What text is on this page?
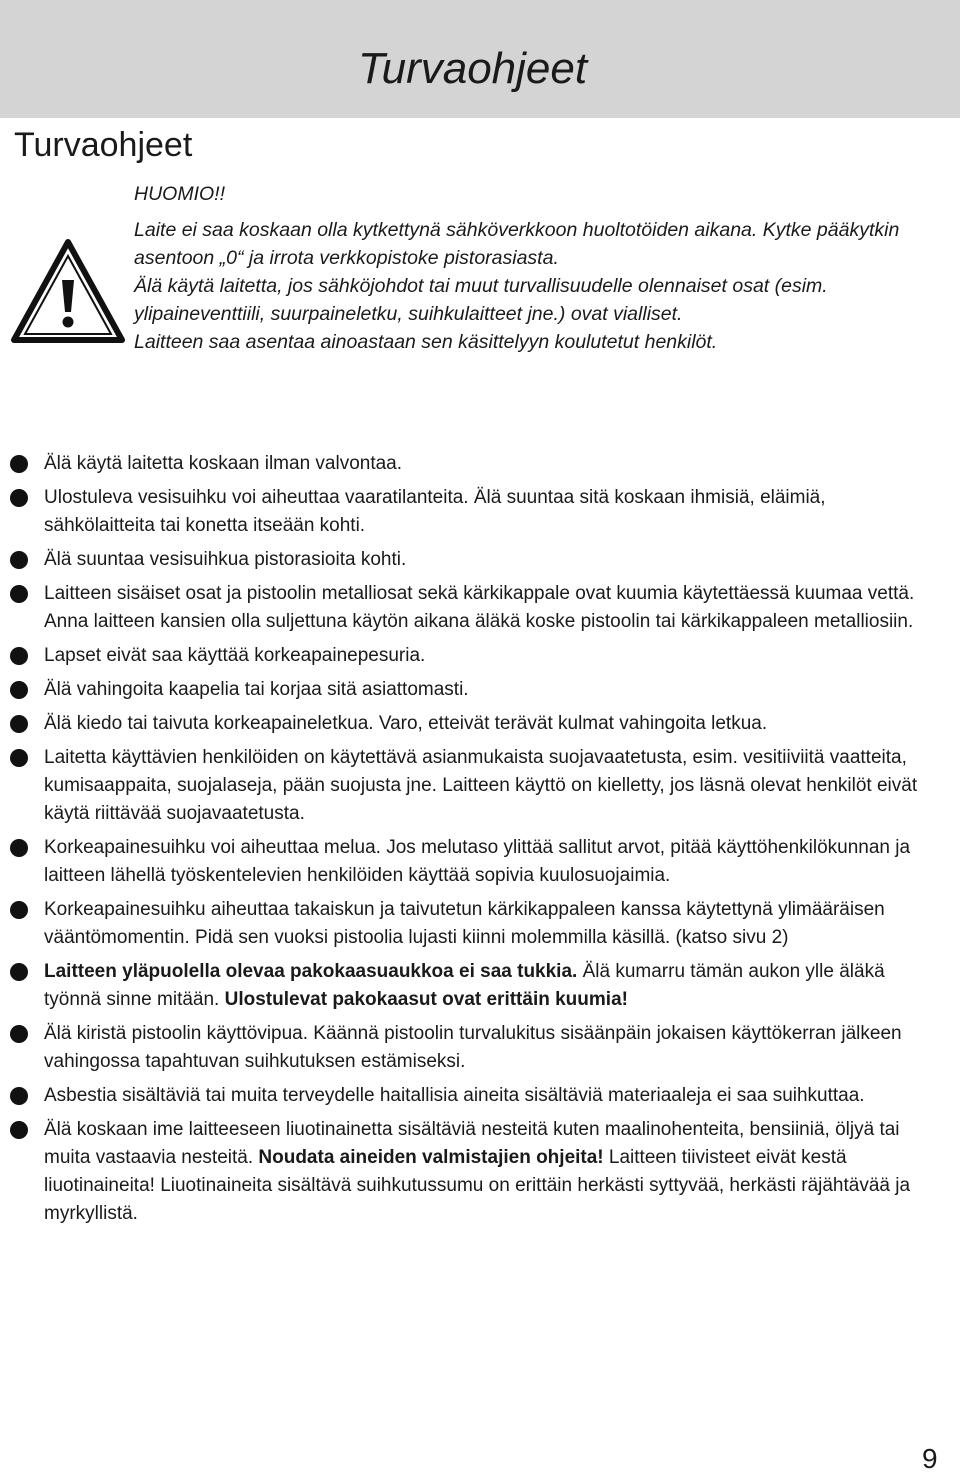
Turvaohjeet
Turvaohjeet

HUOMIO!!

Laite ei saa koskaan olla kytkettynä sähköverkkoon huoltotöiden aikana. Kytke pääkytkin asentoon „0“ ja irrota verkkopistoke pistorasiasta.

Älä käytä laitetta, jos sähköjohdot tai muut turvallisuudelle olennaiset osat (esim. ylipaineventtiili, suurpaineletku, suihkulaitteet jne.) ovat vialliset.

Laitteen saa asentaa ainoastaan sen käsittelyyn koulutetut henkilöt.

Älä käytä laitetta koskaan ilman valvontaa.
Ulostuleva vesisuihku voi aiheuttaa vaaratilanteita. Älä suuntaa sitä koskaan ihmisiä, eläimiä, sähkölaitteita tai konetta itseään kohti.
Älä suuntaa vesisuihkua pistorasioita kohti.
Laitteen sisäiset osat ja pistoolin metalliosat sekä kärkikappale ovat kuumia käytettäessä kuumaa vettä. Anna laitteen kansien olla suljettuna käytön aikana äläkä koske pistoolin tai kärkikappaleen metalliosiin.
Lapset eivät saa käyttää korkeapainepesuria.
Älä vahingoita kaapelia tai korjaa sitä asiattomasti.
Älä kiedo tai taivuta korkeapaineletkua. Varo, etteivät terävät kulmat vahingoita letkua.
Laitetta käyttävien henkilöiden on käytettävä asianmukaista suojavaatetusta, esim. vesitiiviitä vaatteita, kumisaappaita, suojalaseja, pään suojusta jne. Laitteen käyttö on kielletty, jos läsnä olevat henkilöt eivät käytä riittävää suojavaatetusta.
Korkeapainesuihku voi aiheuttaa melua. Jos melutaso ylittää sallitut arvot, pitää käyttöhenkilökunnan ja laitteen lähellä työskentelevien henkilöiden käyttää sopivia kuulosuojaimia.
Korkeapainesuihku aiheuttaa takaiskun ja taivutetun kärkikappaleen kanssa käytettynä ylimääräisen vääntömomentin. Pidä sen vuoksi pistoolia lujasti kiinni molemmilla käsillä. (katso sivu 2)
Laitteen yläpuolella olevaa pakokaasuaukkoa ei saa tukkia. Älä kumarru tämän aukon ylle äläkä työnnä sinne mitään. Ulostulevat pakokaasut ovat erittäin kuumia!
Älä kiristä pistoolin käyttövipua. Käännä pistoolin turvalukitus sisäänpäin jokaisen käyttökerran jälkeen vahingossa tapahtuvan suihkutuksen estämiseksi.
Asbestia sisältäviä tai muita terveydelle haitallisia aineita sisältäviä materiaaleja ei saa suihkuttaa.
Älä koskaan ime laitteeseen liuotinainetta sisältäviä nesteitä kuten maalinohenteita, bensiiniä, öljyä tai muita vastaavia nesteitä. Noudata aineiden valmistajien ohjeita! Laitteen tiivisteet eivät kestä liuotinaineita! Liuotinaineita sisältävä suihkutussumu on erittäin herkästi syttyvää, herkästi räjähtävää ja myrkyllistä.
9
